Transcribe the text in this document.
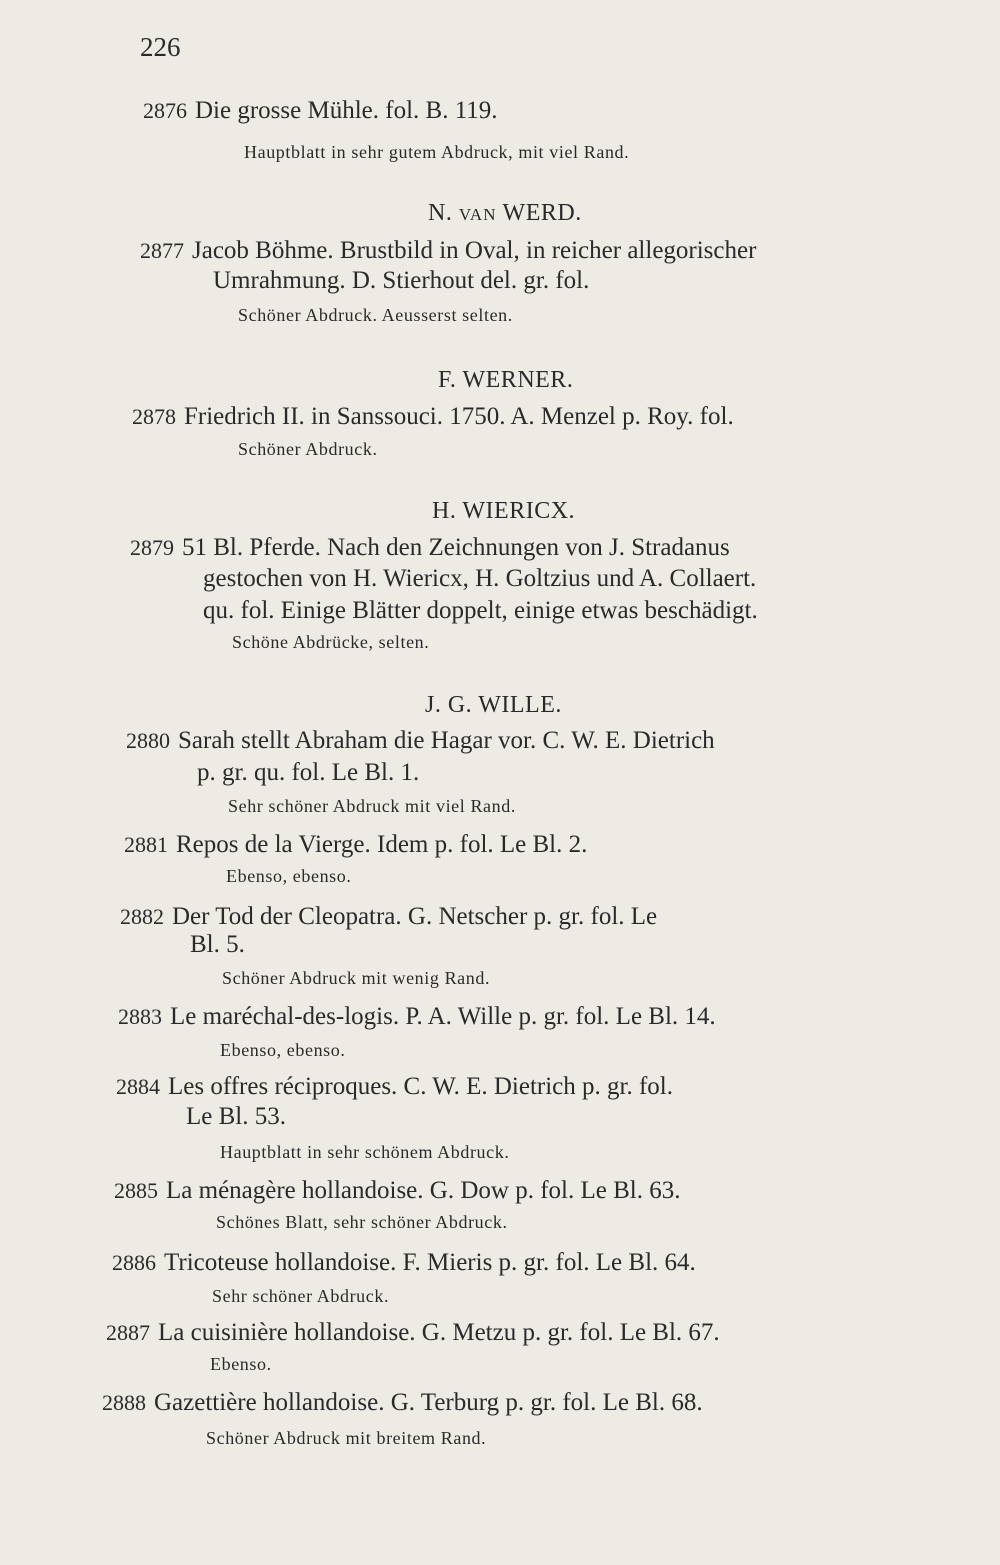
226
2876 Die grosse Mühle. fol. B. 119.
Hauptblatt in sehr gutem Abdruck, mit viel Rand.
N. VAN WERD.
2877 Jacob Böhme. Brustbild in Oval, in reicher allegorischer
Umrahmung. D. Stierhout del. gr. fol.
Schöner Abdruck. Aeusserst selten.
F. WERNER.
2878 Friedrich II. in Sanssouci. 1750. A. Menzel p. Roy. fol.
Schöner Abdruck.
H. WIERICX.
2879 51 Bl. Pferde. Nach den Zeichnungen von J. Stradanus
gestochen von H. Wiericx, H. Goltzius und A. Collaert.
qu. fol. Einige Blätter doppelt, einige etwas beschädigt.
Schöne Abdrücke, selten.
J. G. WILLE.
2880 Sarah stellt Abraham die Hagar vor. C. W. E. Dietrich
p. gr. qu. fol. Le Bl. 1.
Sehr schöner Abdruck mit viel Rand.
2881 Repos de la Vierge. Idem p. fol. Le Bl. 2.
Ebenso, ebenso.
2882 Der Tod der Cleopatra. G. Netscher p. gr. fol. Le
Bl. 5.
Schöner Abdruck mit wenig Rand.
2883 Le maréchal-des-logis. P. A. Wille p. gr. fol. Le Bl. 14.
Ebenso, ebenso.
2884 Les offres réciproques. C. W. E. Dietrich p. gr. fol.
Le Bl. 53.
Hauptblatt in sehr schönem Abdruck.
2885 La ménagère hollandoise. G. Dow p. fol. Le Bl. 63.
Schönes Blatt, sehr schöner Abdruck.
2886 Tricoteuse hollandoise. F. Mieris p. gr. fol. Le Bl. 64.
Sehr schöner Abdruck.
2887 La cuisinière hollandoise. G. Metzu p. gr. fol. Le Bl. 67.
Ebenso.
2888 Gazettière hollandoise. G. Terburg p. gr. fol. Le Bl. 68.
Schöner Abdruck mit breitem Rand.
